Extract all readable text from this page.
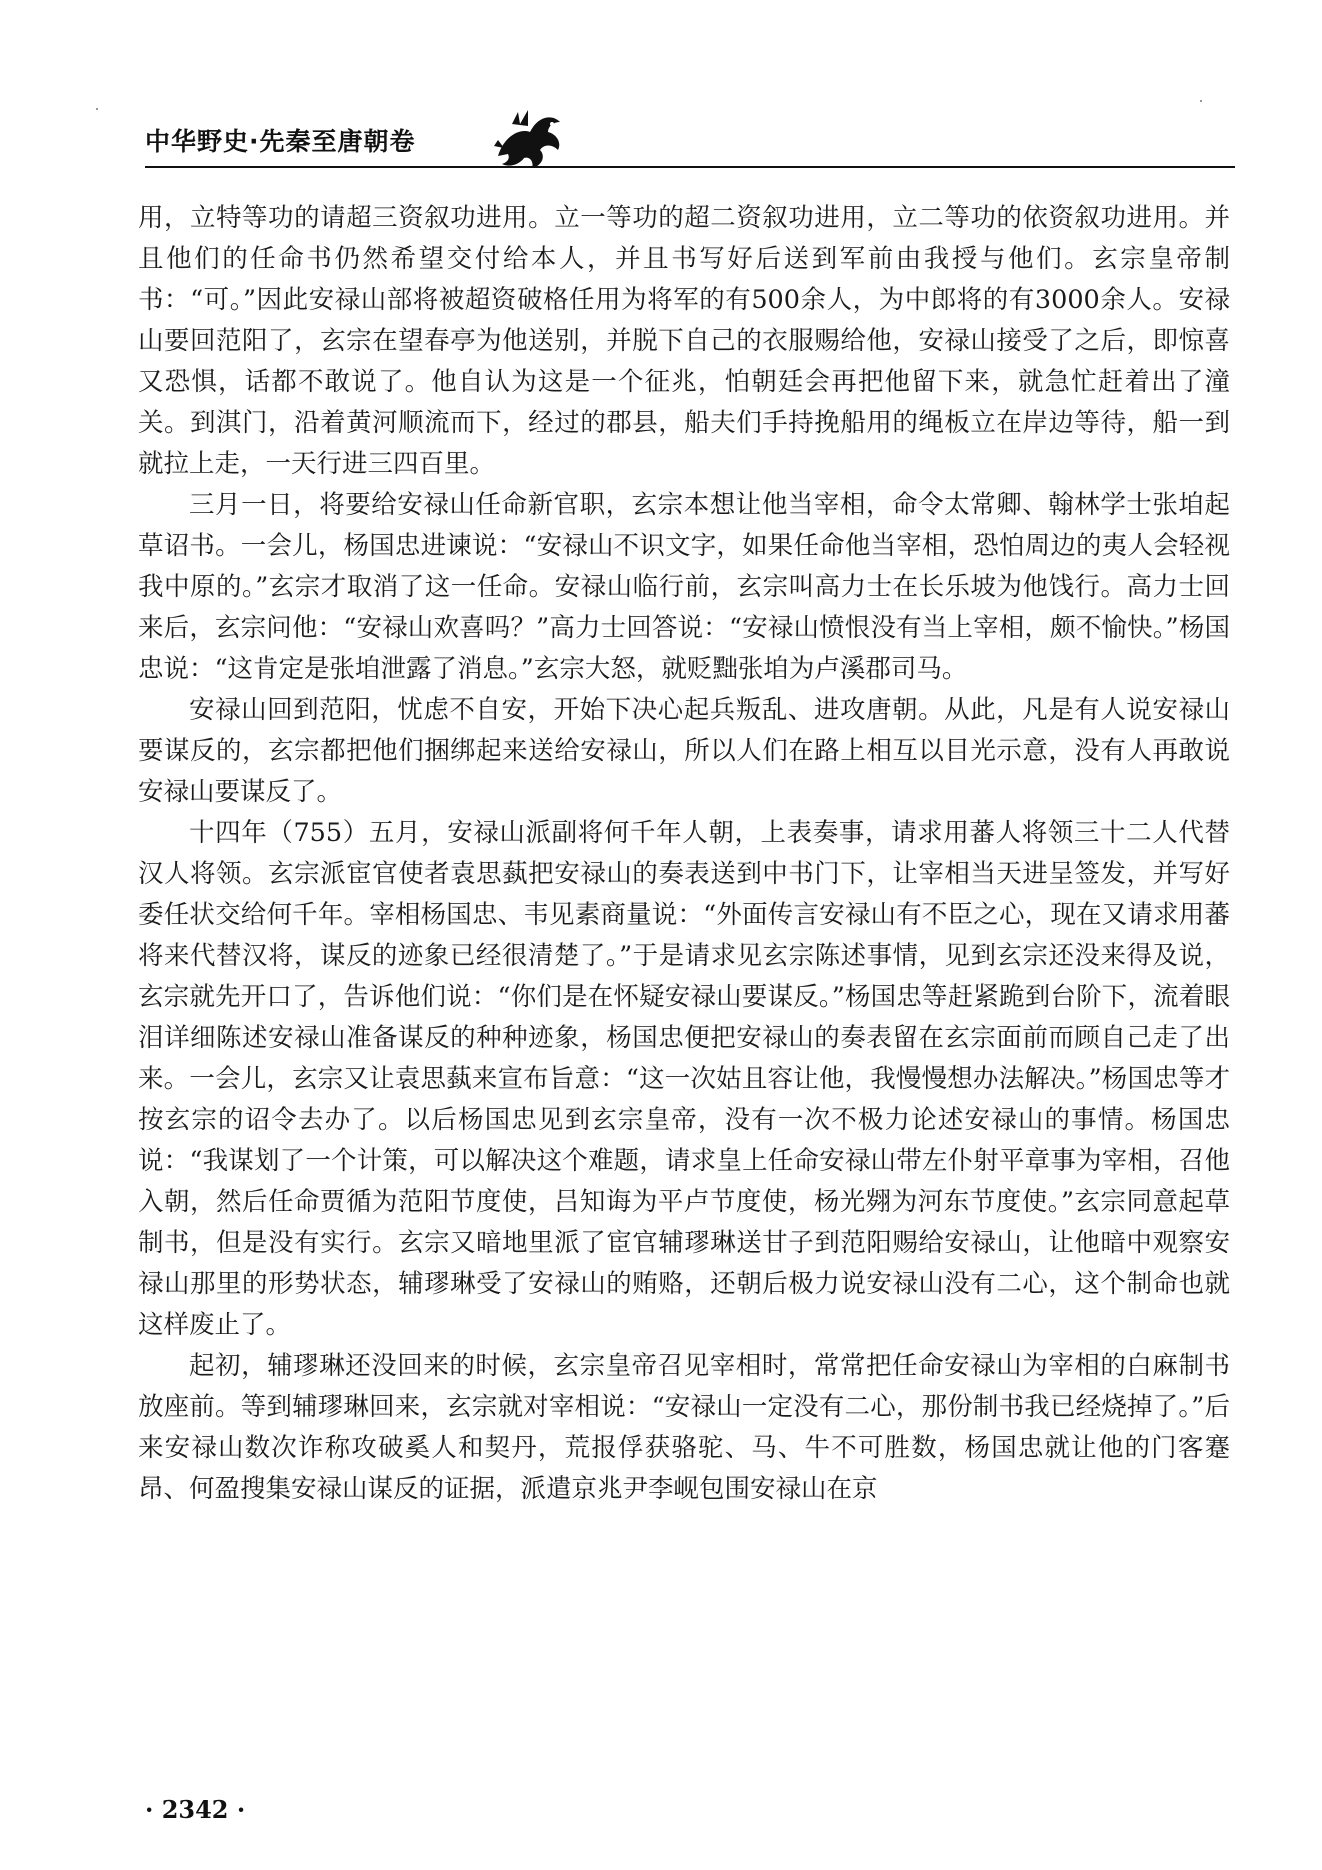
中华野史·先秦至唐朝卷

用，立特等功的请超三资叙功进用。立一等功的超二资叙功进用，立二等功的依资叙功进用。并且他们的任命书仍然希望交付给本人，并且书写好后送到军前由我授与他们。玄宗皇帝制书：“可。”因此安禄山部将被超资破格任用为将军的有500余人，为中郎将的有3000余人。安禄山要回范阳了，玄宗在望春亭为他送别，并脱下自己的衣服赐给他，安禄山接受了之后，即惊喜又恐惧，话都不敢说了。他自认为这是一个征兆，怕朝廷会再把他留下来，就急忙赶着出了潼关。到淇门，沿着黄河顺流而下，经过的郡县，船夫们手持挽船用的绳板立在岸边等待，船一到就拉上走，一天行进三四百里。

三月一日，将要给安禄山任命新官职，玄宗本想让他当宰相，命令太常卿、翰林学士张垍起草诏书。一会儿，杨国忠进谏说：“安禄山不识文字，如果任命他当宰相，恐怕周边的夷人会轻视我中原的。”玄宗才取消了这一任命。安禄山临行前，玄宗叫高力士在长乐坡为他饯行。高力士回来后，玄宗问他：“安禄山欢喜吗？”高力士回答说：“安禄山愤恨没有当上宰相，颇不愉快。”杨国忠说：“这肯定是张垍泄露了消息。”玄宗大怒，就贬黜张垍为卢溪郡司马。

安禄山回到范阳，忧虑不自安，开始下决心起兵叛乱、进攻唐朝。从此，凡是有人说安禄山要谋反的，玄宗都把他们捆绑起来送给安禄山，所以人们在路上相互以目光示意，没有人再敢说安禄山要谋反了。

十四年（755）五月，安禄山派副将何千年人朝，上表奏事，请求用蕃人将领三十二人代替汉人将领。玄宗派宦官使者袁思蓺把安禄山的奏表送到中书门下，让宰相当天进呈签发，并写好委任状交给何千年。宰相杨国忠、韦见素商量说：“外面传言安禄山有不臣之心，现在又请求用蕃将来代替汉将，谋反的迹象已经很清楚了。”于是请求见玄宗陈述事情，见到玄宗还没来得及说，玄宗就先开口了，告诉他们说：“你们是在怀疑安禄山要谋反。”杨国忠等赶紧跪到台阶下，流着眼泪详细陈述安禄山准备谋反的种种迹象，杨国忠便把安禄山的奏表留在玄宗面前而顾自己走了出来。一会儿，玄宗又让袁思蓺来宣布旨意：“这一次姑且容让他，我慢慢想办法解决。”杨国忠等才按玄宗的诏令去办了。以后杨国忠见到玄宗皇帝，没有一次不极力论述安禄山的事情。杨国忠说：“我谋划了一个计策，可以解决这个难题，请求皇上任命安禄山带左仆射平章事为宰相，召他入朝，然后任命贾循为范阳节度使，吕知诲为平卢节度使，杨光翙为河东节度使。”玄宗同意起草制书，但是没有实行。玄宗又暗地里派了宦官辅璆琳送甘子到范阳赐给安禄山，让他暗中观察安禄山那里的形势状态，辅璆琳受了安禄山的贿赂，还朝后极力说安禄山没有二心，这个制命也就这样废止了。

起初，辅璆琳还没回来的时候，玄宗皇帝召见宰相时，常常把任命安禄山为宰相的白麻制书放座前。等到辅璆琳回来，玄宗就对宰相说：“安禄山一定没有二心，那份制书我已经烧掉了。”后来安禄山数次诈称攻破奚人和契丹，荒报俘获骆驼、马、牛不可胜数，杨国忠就让他的门客蹇昂、何盈搜集安禄山谋反的证据，派遣京兆尹李岘包围安禄山在京

· 2342 ·
